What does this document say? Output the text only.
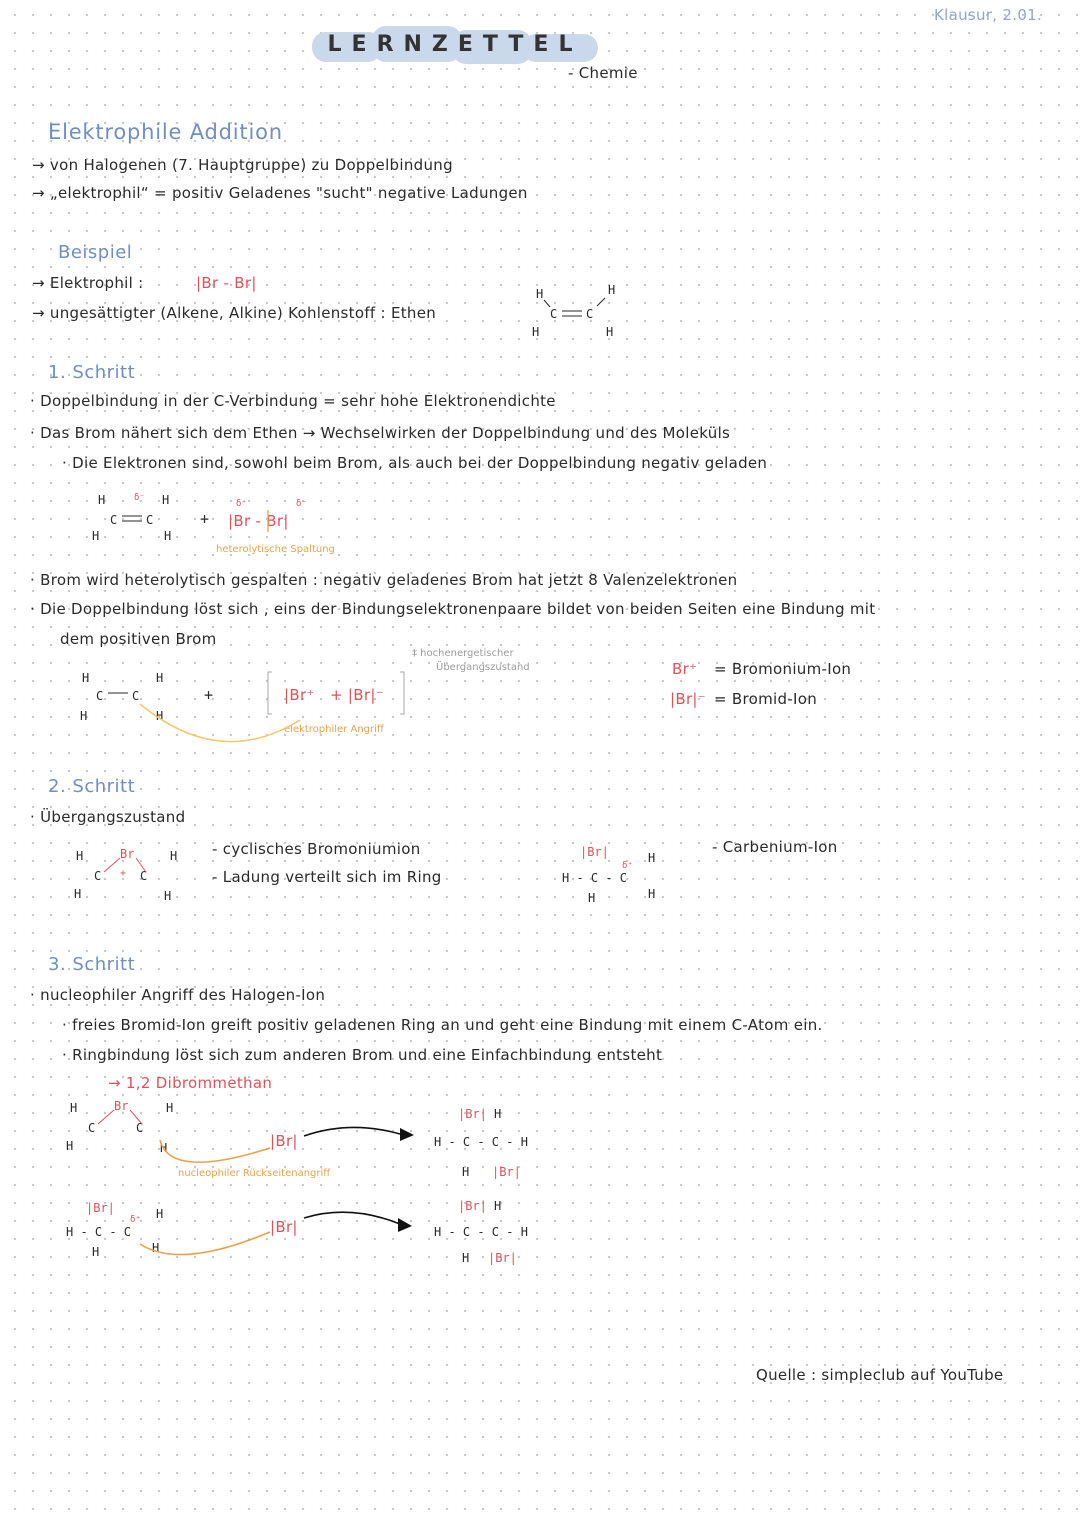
LERNZETTEL
- Chemie
Klausur, 2.01.
Elektrophile Addition
→ von Halogenen (7. Hauptgruppe) zu Doppelbindung
→ „elektrophil“ = positiv Geladenes "sucht" negative Ladungen
Beispiel
→ Elektrophil :	|Br - Br|
→ ungesättigter (Alkene, Alkine) Kohlenstoff : Ethen
1. Schritt
· Doppelbindung in der C-Verbindung = sehr hohe Elektronendichte
· Das Brom nähert sich dem Ethen → Wechselwirken der Doppelbindung und des Moleküls
· Die Elektronen sind, sowohl beim Brom, als auch bei der Doppelbindung negativ geladen
|Br - Br|
heterolytische Spaltung
· Brom wird heterolytisch gespalten : negativ geladenes Brom hat jetzt 8 Valenzelektronen
· Die Doppelbindung löst sich , eins der Bindungselektronenpaare bildet von beiden Seiten eine Bindung mit
dem positiven Brom
‡ hochenergetischer
Übergangszustand
|Br⁺ + |Br|⁻
elektrophiler Angriff
Br⁺ = Bromonium-Ion
|Br|⁻ = Bromid-Ion
2. Schritt
· Übergangszustand
- cyclisches Bromoniumion
- Ladung verteilt sich im Ring
- Carbenium-Ion
3. Schritt
· nucleophiler Angriff des Halogen-Ion
· freies Bromid-Ion greift positiv geladenen Ring an und geht eine Bindung mit einem C-Atom ein.
· Ringbindung löst sich zum anderen Brom und eine Einfachbindung entsteht
→ 1,2 Dibrommethan
|Br|
nucleophiler Rückseitenangriff
|Br|
Quelle : simpleclub auf YouTube
H	H
C C
H	H
H	H
C C
H	H
+
δ⁻
δ⁺	δ⁻
H	H
C C
H	H
+
H	H
Br
C	C
H	H
+
|Br|
H - C - C
H
H
H
δ⁺
H	H
Br
C	C
H	H
|Br| H
H - C - C - H
H |Br|
|Br|
H - C - C
H
H
H
δ⁺
|Br| H
H - C - C - H
H |Br|
